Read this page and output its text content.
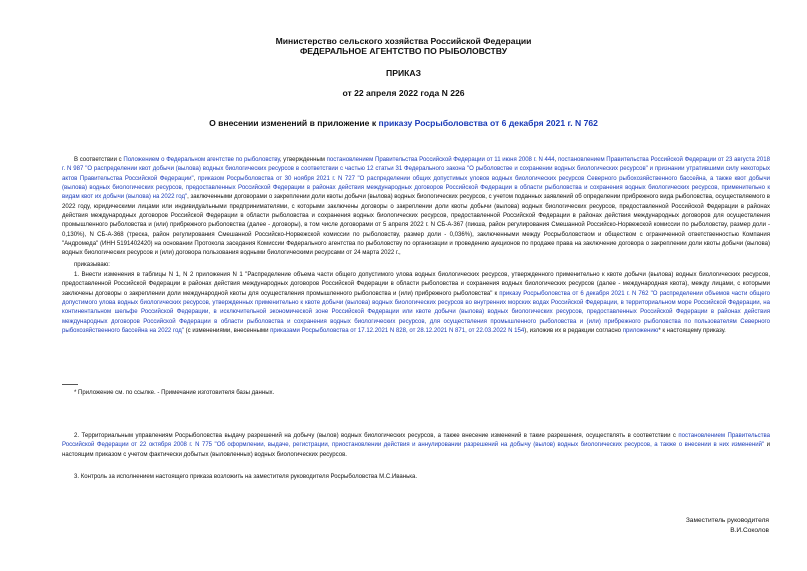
Министерство сельского хозяйства Российской Федерации
ФЕДЕРАЛЬНОЕ АГЕНТСТВО ПО РЫБОЛОВСТВУ
ПРИКАЗ
от 22 апреля 2022 года N 226
О внесении изменений в приложение к приказу Росрыболовства от 6 декабря 2021 г. N 762
В соответствии с Положением о Федеральном агентстве по рыболовству, утвержденным постановлением Правительства Российской Федерации от 11 июня 2008 г. N 444, постановлением Правительства Российской Федерации от 23 августа 2018 г. N 987 "О распределении квот добычи (вылова) водных биологических ресурсов в соответствии с частью 12 статьи 31 Федерального закона "О рыболовстве и сохранении водных биологических ресурсов" и признании утратившими силу некоторых актов Правительства Российской Федерации", приказом Росрыболовства от 30 ноября 2021 г. N 727 "О распределении общих допустимых уловов водных биологических ресурсов Северного рыбохозяйственного бассейна, а также квот добычи (вылова) водных биологических ресурсов, предоставленных Российской Федерации в районах действия международных договоров Российской Федерации в области рыболовства и сохранения водных биологических ресурсов, применительно к видам квот их добычи (вылова) на 2022 год", заключенными договорами о закреплении доли квоты добычи (вылова) водных биологических ресурсов, с учетом поданных заявлений об определении прибрежного вида рыболовства, осуществляемого в 2022 году, юридическими лицами или индивидуальными предпринимателями, с которыми заключены договоры о закреплении доли квоты добычи (вылова) водных биологических ресурсов, предоставленной Российской Федерации в районах действия международных договоров Российской Федерации в области рыболовства и сохранения водных биологических ресурсов, предоставленной Российской Федерации в районах действия международных договоров для осуществления промышленного рыболовства и (или) прибрежного рыболовства (далее - договоры), в том числе договорами от 5 апреля 2022 г. N СБ-А-367 (пикша, район регулирования Смешанной Российско-Норвежской комиссии по рыболовству, размер доли - 0,130%), N СБ-А-368 (треска, район регулирования Смешанной Российско-Норвежской комиссии по рыболовству, размер доли - 0,036%), заключенными между Росрыболовством и обществом с ограниченной ответственностью Компания "Андромеда" (ИНН 5191402420) на основании Протокола заседания Комиссии Федерального агентства по рыболовству по организации и проведению аукционов по продаже права на заключение договора о закреплении доли квоты добычи (вылова) водных биологических ресурсов и (или) договора пользования водными биологическими ресурсами от 24 марта 2022 г.,
приказываю:
1. Внести изменения в таблицы N 1, N 2 приложения N 1 "Распределение объема части общего допустимого улова водных биологических ресурсов, утвержденного применительно к квоте добычи (вылова) водных биологических ресурсов, предоставленной Российской Федерации в районах действия международных договоров Российской Федерации в области рыболовства и сохранения водных биологических ресурсов (далее - международная квота), между лицами, с которыми заключены договоры о закреплении доли международной квоты для осуществления промышленного рыболовства и (или) прибрежного рыболовства" к приказу Росрыболовства от 6 декабря 2021 г. N 762 "О распределении объемов части общего допустимого улова водных биологических ресурсов, утвержденных применительно к квоте добычи (вылова) водных биологических ресурсов во внутренних морских водах Российской Федерации, в территориальном море Российской Федерации, на континентальном шельфе Российской Федерации, в исключительной экономической зоне Российской Федерации или квоте добычи (вылова) водных биологических ресурсов, предоставленных Российской Федерации в районах действия международных договоров Российской Федерации в области рыболовства и сохранения водных биологических ресурсов, для осуществления промышленного рыболовства и (или) прибрежного рыболовства по пользователям Северного рыбохозяйственного бассейна на 2022 год" (с изменениями, внесенными приказами Росрыболовства от 17.12.2021 N 828, от 28.12.2021 N 871, от 22.03.2022 N 154), изложив их в редакции согласно приложению* к настоящему приказу.
* Приложение см. по ссылке. - Примечание изготовителя базы данных.
2. Территориальным управлениям Росрыболовства выдачу разрешений на добычу (вылов) водных биологических ресурсов, а также внесение изменений в такие разрешения, осуществлять в соответствии с постановлением Правительства Российской Федерации от 22 октября 2008 г. N 775 "Об оформлении, выдаче, регистрации, приостановлении действия и аннулировании разрешений на добычу (вылов) водных биологических ресурсов, а также о внесении в них изменений" и настоящим приказом с учетом фактически добытых (выловленных) водных биологических ресурсов.
3. Контроль за исполнением настоящего приказа возложить на заместителя руководителя Росрыболовства М.С.Иванька.
Заместитель руководителя
В.И.Соколов
